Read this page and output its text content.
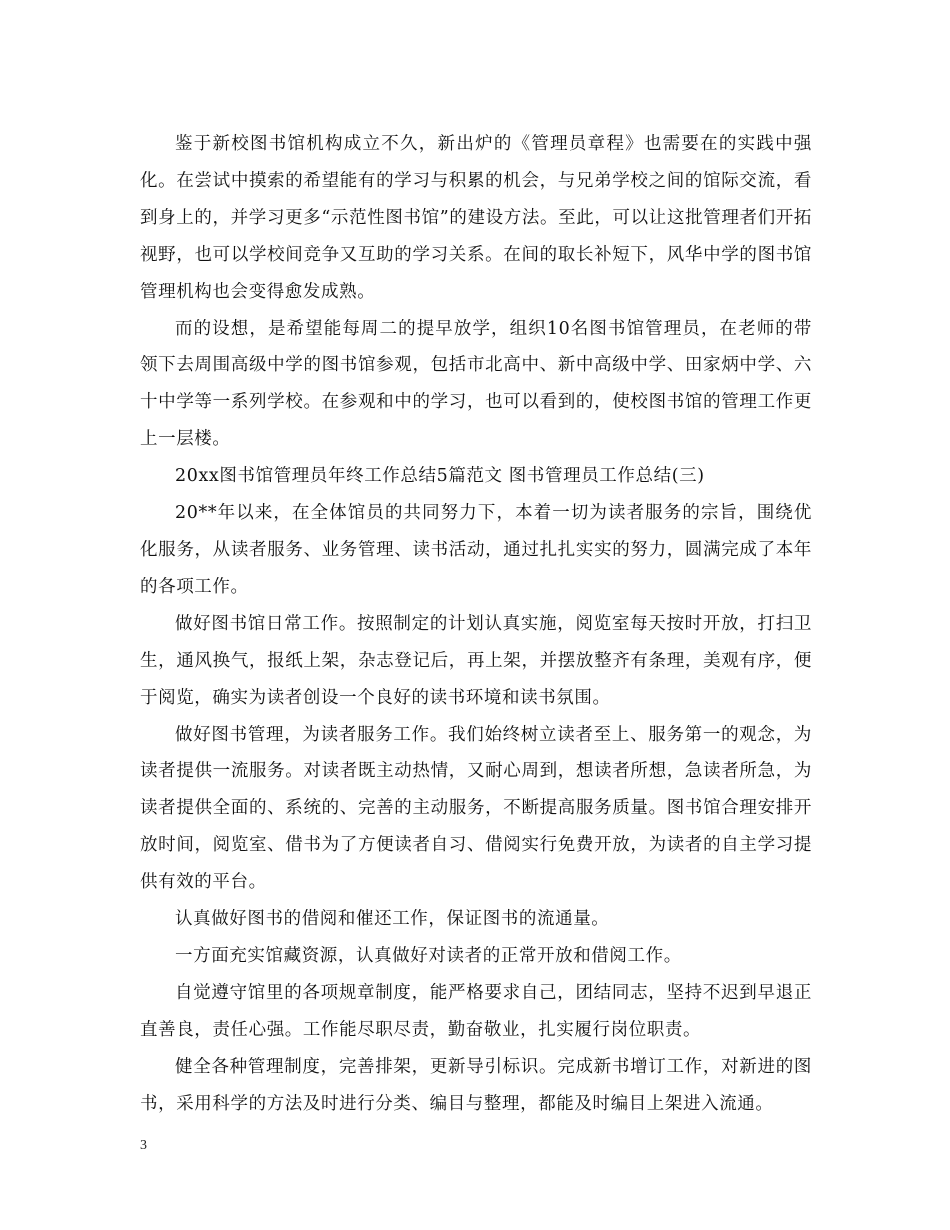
鉴于新校图书馆机构成立不久，新出炉的《管理员章程》也需要在的实践中强化。在尝试中摸索的希望能有的学习与积累的机会，与兄弟学校之间的馆际交流，看到身上的，并学习更多“示范性图书馆”的建设方法。至此，可以让这批管理者们开拓视野，也可以学校间竞争又互助的学习关系。在间的取长补短下，风华中学的图书馆管理机构也会变得愈发成熟。

而的设想，是希望能每周二的提早放学，组织10名图书馆管理员，在老师的带领下去周围高级中学的图书馆参观，包括市北高中、新中高级中学、田家炳中学、六十中学等一系列学校。在参观和中的学习，也可以看到的，使校图书馆的管理工作更上一层楼。

20xx图书馆管理员年终工作总结5篇范文 图书管理员工作总结(三)

20**年以来，在全体馆员的共同努力下，本着一切为读者服务的宗旨，围绕优化服务，从读者服务、业务管理、读书活动，通过扎扎实实的努力，圆满完成了本年的各项工作。

做好图书馆日常工作。按照制定的计划认真实施，阅览室每天按时开放，打扫卫生，通风换气，报纸上架，杂志登记后，再上架，并摆放整齐有条理，美观有序，便于阅览，确实为读者创设一个良好的读书环境和读书氛围。

做好图书管理，为读者服务工作。我们始终树立读者至上、服务第一的观念，为读者提供一流服务。对读者既主动热情，又耐心周到，想读者所想，急读者所急，为读者提供全面的、系统的、完善的主动服务，不断提高服务质量。图书馆合理安排开放时间，阅览室、借书为了方便读者自习、借阅实行免费开放，为读者的自主学习提供有效的平台。

认真做好图书的借阅和催还工作，保证图书的流通量。

一方面充实馆藏资源，认真做好对读者的正常开放和借阅工作。

自觉遵守馆里的各项规章制度，能严格要求自己，团结同志，坚持不迟到早退正直善良，责任心强。工作能尽职尽责，勤奋敬业，扎实履行岗位职责。

健全各种管理制度，完善排架，更新导引标识。完成新书增订工作，对新进的图书，采用科学的方法及时进行分类、编目与整理，都能及时编目上架进入流通。

3
